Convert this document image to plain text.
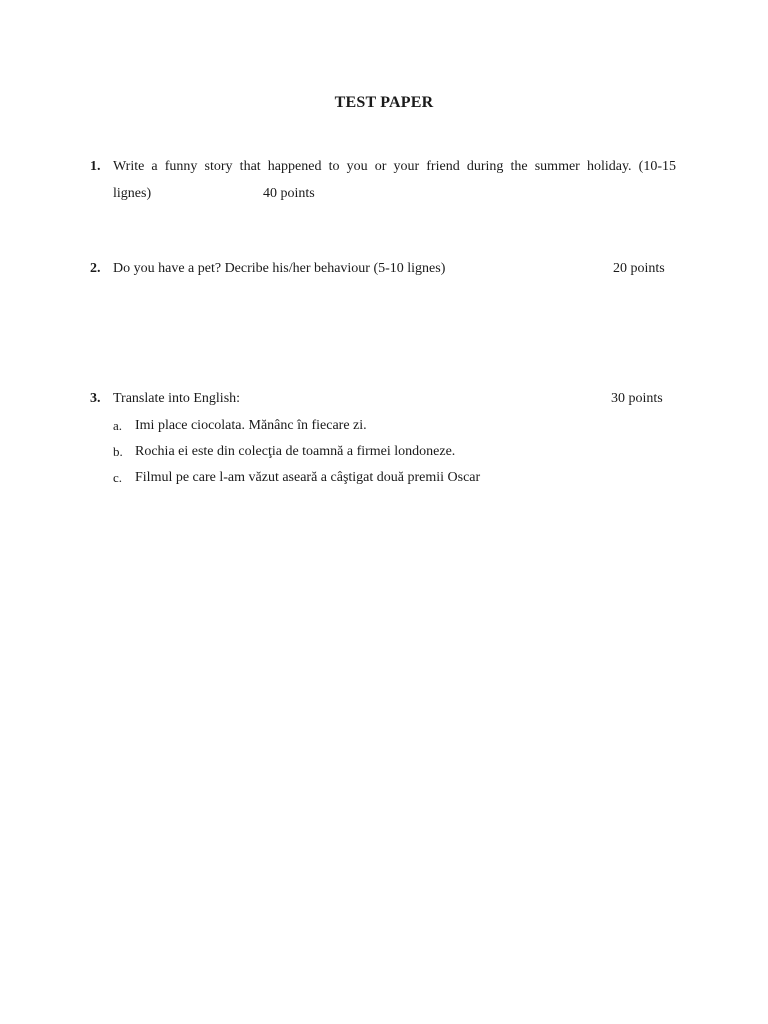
TEST PAPER
1. Write a funny story that happened to you or your friend during the summer holiday. (10-15
lignes)	40 points
2. Do you have a pet? Decribe his/her behaviour (5-10 lignes)	20 points
3. Translate into English:	30 points
a. Imi place ciocolata. Mănânc în fiecare zi.
b. Rochia ei este din colecţia de toamnă a firmei londoneze.
c. Filmul pe care l-am văzut aseară a câştigat două premii Oscar
